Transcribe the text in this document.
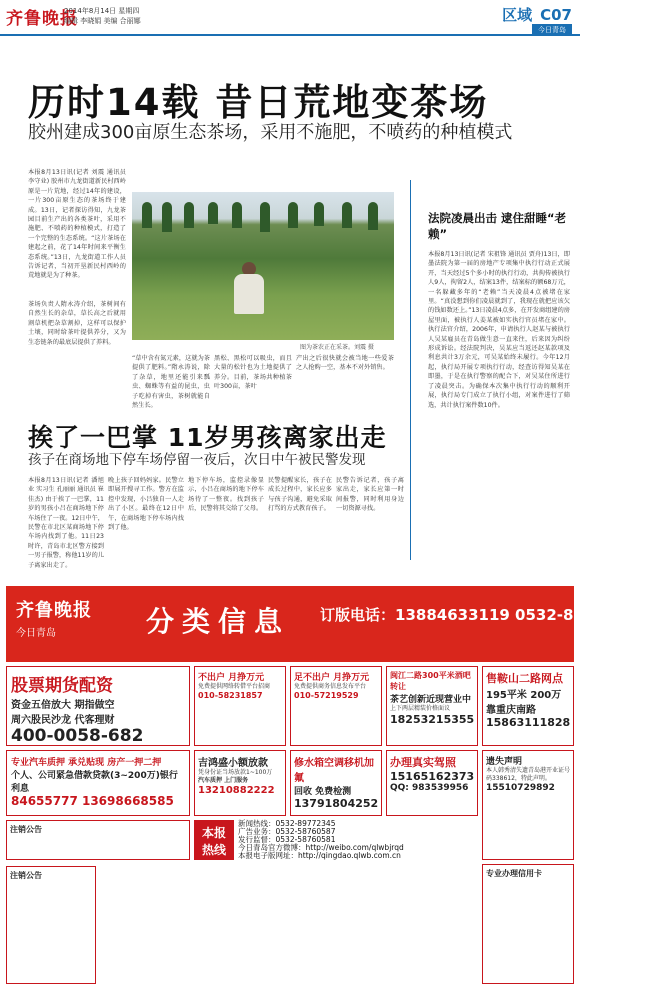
齐鲁晚报
2014年8月14日 星期四
编辑 李晓娟 美编 合丽娜	区域 C07
今日青岛
历时14载 昔日荒地变茶场
胶州建成300亩原生态茶场，采用不施肥，不喷药的种植模式
本报8月13日讯(记者 刘震 通讯员 李守业) 胶州市九龙街道新民村西岭原是一片荒地，经过14年的建设，一片300亩原生态的茶场终于建成。13日，记者探访得知，九龙茶园目前生产出的各类茶叶，采用不施肥、不喷药的种植模式，打造了一个完整的生态系统。“这片茶场在建起之前，花了14年时间来平衡生态系统。”13日，九龙街道工作人员告诉记者，当初开垦新民村西岭的荒地就是为了种茶。
茶场负责人隋永涛介绍，茶树间有自然生长的杂草，草长高之后就用割草机把杂草割掉，这样可以保护土壤，同时给茶叶提供养分，又为生态链条的最底层提供了养料。
图为茶农正在采茶。刘震 摄
“草中含有氮元素，这就为茶提供了肥料。”隋永涛说，除了杂草，地里还能引来瓢虫、蜘蛛等有益的昆虫，虫子吃掉有害虫，茶树就能自然生长。
黑松、黑松可以吸虫，而且大量的松针也为土地提供了养分。目前，茶场共种植茶叶300亩，茶叶
产出之后很快就会被当地一些爱茶之人抢购一空，基本不对外销售。
法院凌晨出击 逮住甜睡“老赖”
本报8月13日讯(记者 宋祖锋 通讯员 贾舟)13日，即墨法院为第一届的房地产专项集中执行行动正式展开，当天经过5个多小时的执行行动，共拘传被执行人9人，拘留2人，结案13件，结案标的额68万元，一名躲藏多年的“老赖”当天凌晨4点被堵在家里。“真没想到你们凌晨就到了，我现在就把应该欠的钱如数还上。”13日凌晨4点多，在开发商组建的房屋里面，被执行人姜某被如实执行官员堵在家中。执行法官介绍，2006年，申请执行人赵某与被执行人吴某雇员在青岛做生意一直来往，后来因为纠纷形成诉讼。经法院判决，吴某应当返还赵某款项及利息共计3万余元，可吴某始终未履行。今年12月起，执行局开展专项执行行动，经查访得知吴某在即墨，于是在执行警察的配合下，对吴某住所进行了凌晨突击。为确保本次集中执行行动的顺利开展，执行局专门成立了执行小组，对案件进行了筛选，共计执行案件数10件。
挨了一巴掌 11岁男孩离家出走
孩子在商场地下停车场停留一夜后，次日中午被民警发现
本报8月13日讯(记者 潘旭业 实习生 孔丽丽 通讯员 崔佳杰) 由于挨了一巴掌，11岁的男孩小吕在商场地下停车场住了一夜。12日中午，民警在市北区某商场地下停车场内找到了他。11日23时许，青岛市北区警方接到一男子报警，称他11岁的儿子离家出走了。
晚上孩子回妈妈家。民警立即展开搜寻工作。警方在监控中发现，小吕独自一人走出了小区。最终在12日中午，在商场地下停车场内找到了他。
地下停车场，监控录像显示，小吕在商场的地下停车场待了一整夜。找到孩子后，民警将其交给了父母。
民警提醒家长，孩子在成长过程中，家长应多与孩子沟通，避免采取打骂的方式教育孩子。
民警告诉记者，孩子离家出走，家长应第一时间报警，同时利用身边一切资源寻找。
齐鲁晚报
今日青岛	分类信息 订版电话：13884633119 0532-81186679
股票期货配资
资金五倍放大 期指做空
周六股民沙龙 代客理财
400-0058-682
不出户 月挣万元
免费提供网络转借平台招商
010-58231857
足不出户 月挣万元
免费提供商务信息发布平台
010-57219529
闽江二路300平米酒吧转让
茶艺创新近现营业中
上下两层精装价格面议
18253215355
售鞍山二路网点
195平米 200万
靠重庆南路
15863111828
专业汽车质押 承兑贴现 房产一押二押
个人、公司紧急借款贷款(3~200万)银行利息
84655777 13698668585
吉鸿盛小额放款
凭身份证当场放款1~100万
汽车质押 上门服务
13210882222
修水箱空调移机加氟
回收 免费检测
13791804252
办理真实驾照
15165162373
QQ: 983539956
遗失声明
本人韩秀清失遗青岛港开业证号码338612，特此声明。
15510729892
注销公告	本报
热线
新闻热线：0532-89772345
广告业务：0532-58760587
发行监督：0532-58760581
今日青岛官方微博：http://weibo.com/qlwbjrqd
本报电子版网址：http://qingdao.qlwb.com.cn
注销公告	专业办理信用卡
